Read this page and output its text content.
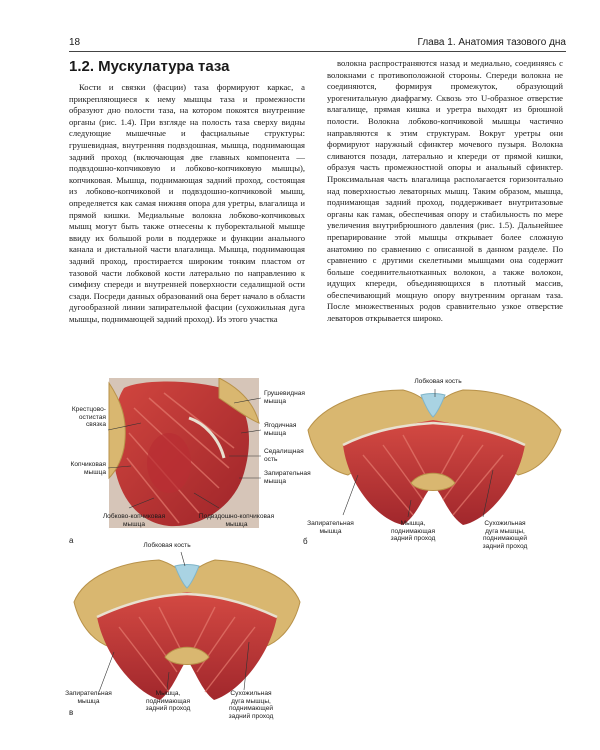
18	Глава 1. Анатомия тазового дна
1.2. Мускулатура таза

Кости и связки (фасции) таза формируют каркас, а прикрепляющиеся к нему мышцы таза и промежности образуют дно полости таза, на котором покоятся внутренние органы (рис. 1.4). При взгляде на полость таза сверху видны следующие мышечные и фасциальные структуры: грушевидная, внутренняя подвздошная, мышца, поднимающая задний проход (включающая две главных компонента — подвздошно-копчиковую и лобково-копчиковую мышцы), копчиковая. Мышца, поднимающая задний проход, состоящая из лобково-копчиковой и подвздошно-копчиковой мышц, определяется как самая нижняя опора для уретры, влагалища и прямой кишки. Медиальные волокна лобково-копчиковых мышц могут быть также отнесены к пуборектальной мышце ввиду их большой роли в поддержке и функции анального канала и дистальной части влагалища. Мышца, поднимающая задний проход, простирается широким тонким пластом от тазовой части лобковой кости латерально по направлению к симфизу спереди и внутренней поверхности седалищной ости сзади. Посреди данных образований она берет начало в области дугообразной линии запирательной фасции (сухожильная дуга мышцы, поднимающей задний проход). Из этого участка

волокна распространяются назад и медиально, соединяясь с волокнами с противоположной стороны. Спереди волокна не соединяются, формируя промежуток, образующий урогенитальную диафрагму. Сквозь это U-образное отверстие влагалище, прямая кишка и уретра выходят из брюшной полости. Волокна лобково-копчиковой мышцы частично направляются к этим структурам. Вокруг уретры они формируют наружный сфинктер мочевого пузыря. Волокна сливаются позади, латерально и кпереди от прямой кишки, образуя часть промежностной опоры и анальный сфинктер. Проксимальная часть влагалища располагается горизонтально над поверхностью леваторных мышц. Таким образом, мышца, поднимающая задний проход, поддерживает внутритазовые органы как гамак, обеспечивая опору и стабильность по мере увеличения внутрибрюшного давления (рис. 1.5). Дальнейшее препарирование этой мышцы открывает более сложную анатомию по сравнению с описанной в данном разделе. По сравнению с другими скелетными мышцами она содержит больше соединительнотканных волокон, а также волокон, идущих кпереди, объединяющихся в плотный массив, обеспечивающий мощную опору внутренним органам таза. После множественных родов сравнительно узкое отверстие леваторов открывается широко.

Крестцово-
остистая
связка
Копчиковая
мышца
Грушевидная
мышца
Ягодичная
мышца
Седалищная
ость
Запирательная
мышца
Лобково-копчиковая
мышца
Подвздошно-копчиковая
мышца
а
Лобковая кость
Запирательная
мышца
Мышца,
поднимающая
задний проход
Сухожильная
дуга мышцы,
поднимающей
задний проход
б
Лобковая кость
Запирательная
мышца
Мышца,
поднимающая
задний проход
Сухожильная
дуга мышцы,
поднимающей
задний проход
в
